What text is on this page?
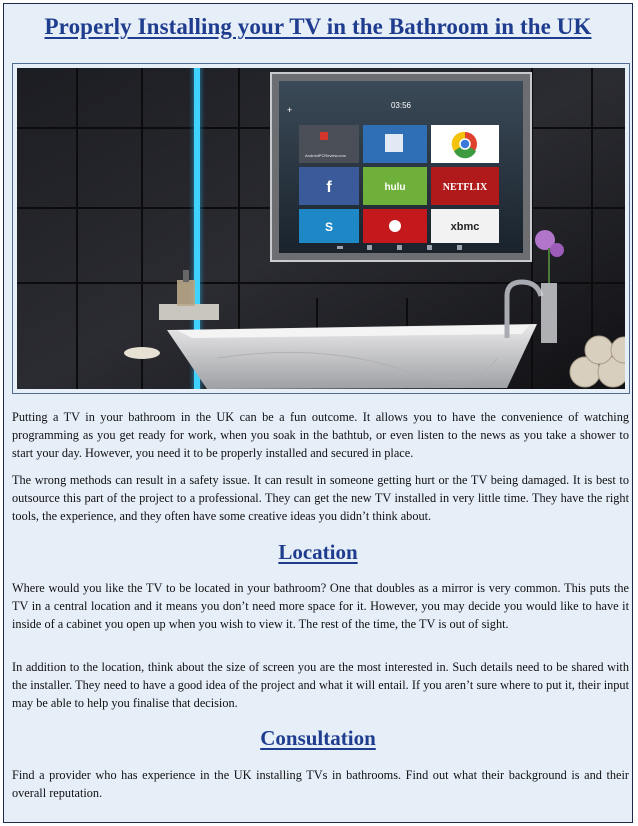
Properly Installing your TV in the Bathroom in the UK
03:56
+
AndroidPCReview.com
f	hulu	NETFLIX
S	xbmc

Putting a TV in your bathroom in the UK can be a fun outcome. It allows you to have the convenience of watching programming as you get ready for work, when you soak in the bathtub, or even listen to the news as you take a shower to start your day. However, you need it to be properly installed and secured in place.

The wrong methods can result in a safety issue. It can result in someone getting hurt or the TV being damaged. It is best to outsource this part of the project to a professional. They can get the new TV installed in very little time. They have the right tools, the experience, and they often have some creative ideas you didn’t think about.

Location

Where would you like the TV to be located in your bathroom? One that doubles as a mirror is very common. This puts the TV in a central location and it means you don’t need more space for it. However, you may decide you would like to have it inside of a cabinet you open up when you wish to view it. The rest of the time, the TV is out of sight.

In addition to the location, think about the size of screen you are the most interested in. Such details need to be shared with the installer. They need to have a good idea of the project and what it will entail. If you aren’t sure where to put it, their input may be able to help you finalise that decision.

Consultation

Find a provider who has experience in the UK installing TVs in bathrooms. Find out what their background is and their overall reputation.
